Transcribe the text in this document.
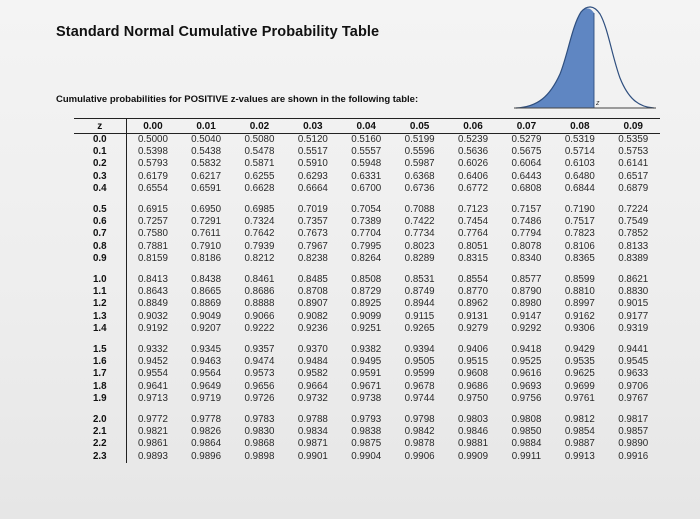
Standard Normal Cumulative Probability Table
z
Cumulative probabilities for POSITIVE z-values are shown in the following table:
z	0.00	0.01	0.02	0.03	0.04	0.05	0.06	0.07	0.08	0.09
0.0	0.5000	0.5040	0.5080	0.5120	0.5160	0.5199	0.5239	0.5279	0.5319	0.5359
0.1	0.5398	0.5438	0.5478	0.5517	0.5557	0.5596	0.5636	0.5675	0.5714	0.5753
0.2	0.5793	0.5832	0.5871	0.5910	0.5948	0.5987	0.6026	0.6064	0.6103	0.6141
0.3	0.6179	0.6217	0.6255	0.6293	0.6331	0.6368	0.6406	0.6443	0.6480	0.6517
0.4	0.6554	0.6591	0.6628	0.6664	0.6700	0.6736	0.6772	0.6808	0.6844	0.6879

0.5	0.6915	0.6950	0.6985	0.7019	0.7054	0.7088	0.7123	0.7157	0.7190	0.7224
0.6	0.7257	0.7291	0.7324	0.7357	0.7389	0.7422	0.7454	0.7486	0.7517	0.7549
0.7	0.7580	0.7611	0.7642	0.7673	0.7704	0.7734	0.7764	0.7794	0.7823	0.7852
0.8	0.7881	0.7910	0.7939	0.7967	0.7995	0.8023	0.8051	0.8078	0.8106	0.8133
0.9	0.8159	0.8186	0.8212	0.8238	0.8264	0.8289	0.8315	0.8340	0.8365	0.8389

1.0	0.8413	0.8438	0.8461	0.8485	0.8508	0.8531	0.8554	0.8577	0.8599	0.8621
1.1	0.8643	0.8665	0.8686	0.8708	0.8729	0.8749	0.8770	0.8790	0.8810	0.8830
1.2	0.8849	0.8869	0.8888	0.8907	0.8925	0.8944	0.8962	0.8980	0.8997	0.9015
1.3	0.9032	0.9049	0.9066	0.9082	0.9099	0.9115	0.9131	0.9147	0.9162	0.9177
1.4	0.9192	0.9207	0.9222	0.9236	0.9251	0.9265	0.9279	0.9292	0.9306	0.9319

1.5	0.9332	0.9345	0.9357	0.9370	0.9382	0.9394	0.9406	0.9418	0.9429	0.9441
1.6	0.9452	0.9463	0.9474	0.9484	0.9495	0.9505	0.9515	0.9525	0.9535	0.9545
1.7	0.9554	0.9564	0.9573	0.9582	0.9591	0.9599	0.9608	0.9616	0.9625	0.9633
1.8	0.9641	0.9649	0.9656	0.9664	0.9671	0.9678	0.9686	0.9693	0.9699	0.9706
1.9	0.9713	0.9719	0.9726	0.9732	0.9738	0.9744	0.9750	0.9756	0.9761	0.9767

2.0	0.9772	0.9778	0.9783	0.9788	0.9793	0.9798	0.9803	0.9808	0.9812	0.9817
2.1	0.9821	0.9826	0.9830	0.9834	0.9838	0.9842	0.9846	0.9850	0.9854	0.9857
2.2	0.9861	0.9864	0.9868	0.9871	0.9875	0.9878	0.9881	0.9884	0.9887	0.9890
2.3	0.9893	0.9896	0.9898	0.9901	0.9904	0.9906	0.9909	0.9911	0.9913	0.9916
